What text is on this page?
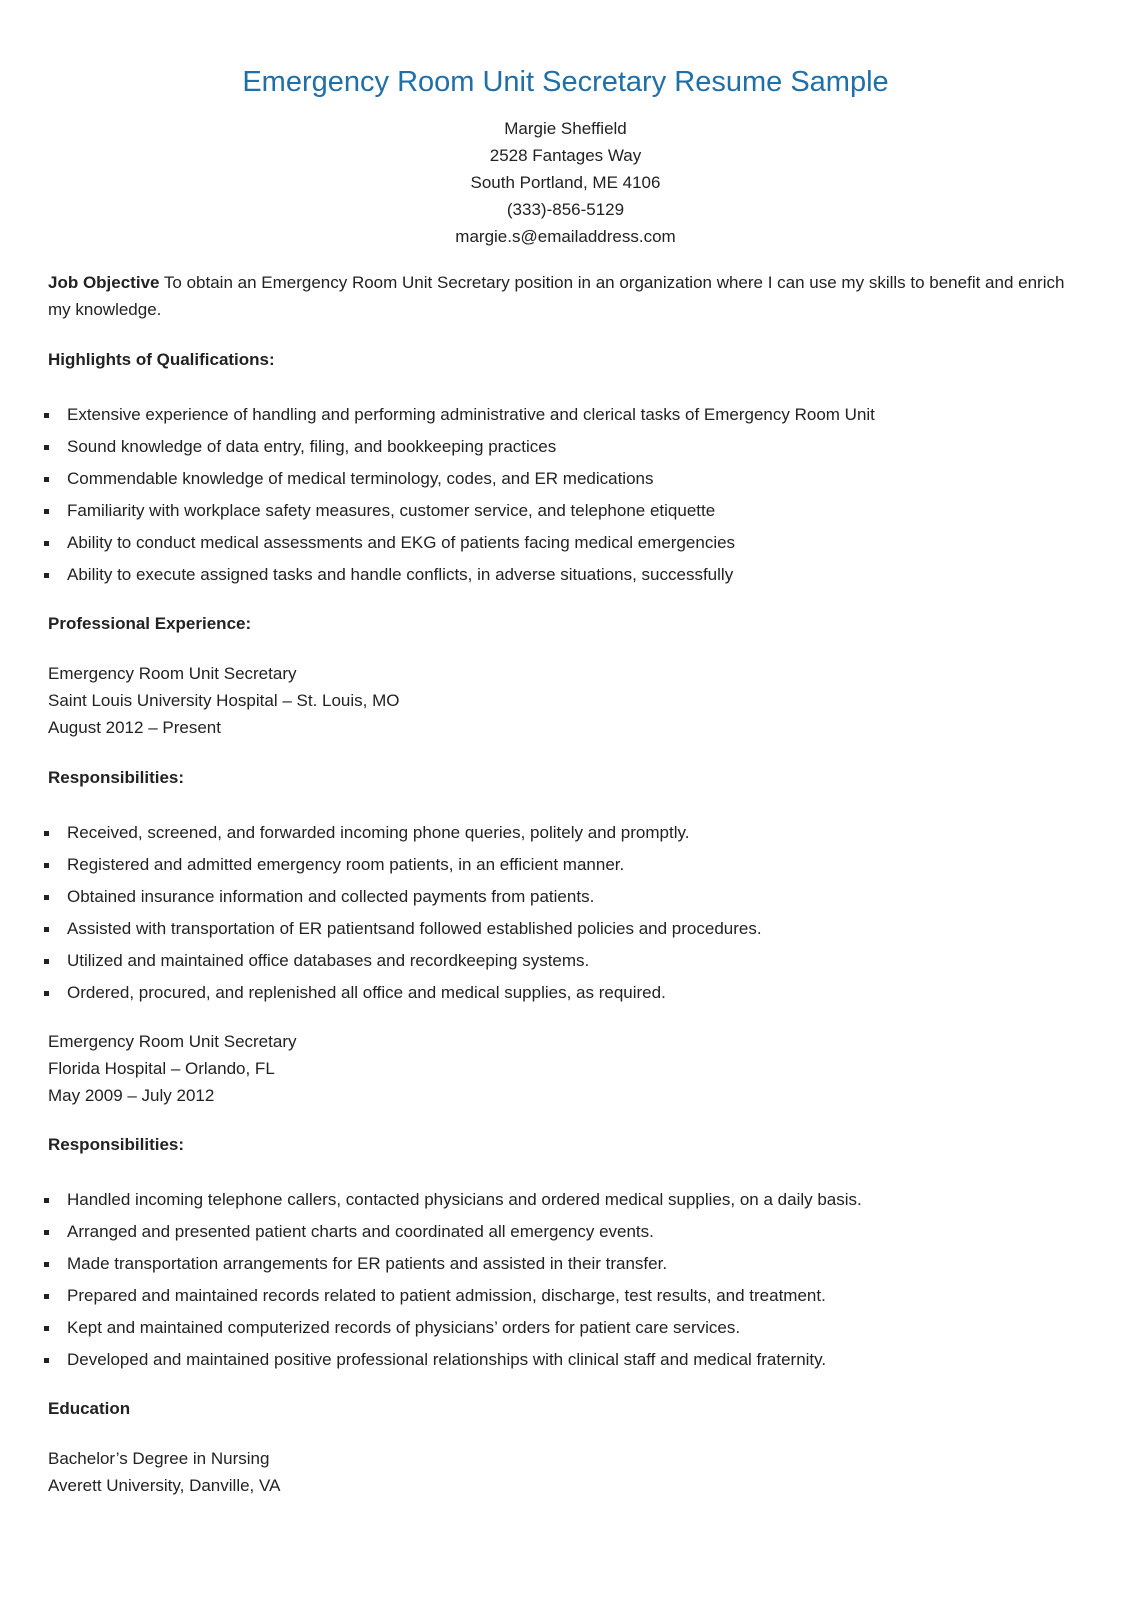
Emergency Room Unit Secretary Resume Sample
Margie Sheffield
2528 Fantages Way
South Portland, ME 4106
(333)-856-5129
margie.s@emailaddress.com
Job Objective To obtain an Emergency Room Unit Secretary position in an organization where I can use my skills to benefit and enrich my knowledge.
Highlights of Qualifications:
Extensive experience of handling and performing administrative and clerical tasks of Emergency Room Unit
Sound knowledge of data entry, filing, and bookkeeping practices
Commendable knowledge of medical terminology, codes, and ER medications
Familiarity with workplace safety measures, customer service, and telephone etiquette
Ability to conduct medical assessments and EKG of patients facing medical emergencies
Ability to execute assigned tasks and handle conflicts, in adverse situations, successfully
Professional Experience:
Emergency Room Unit Secretary
Saint Louis University Hospital – St. Louis, MO
August 2012 – Present
Responsibilities:
Received, screened, and forwarded incoming phone queries, politely and promptly.
Registered and admitted emergency room patients, in an efficient manner.
Obtained insurance information and collected payments from patients.
Assisted with transportation of ER patientsand followed established policies and procedures.
Utilized and maintained office databases and recordkeeping systems.
Ordered, procured, and replenished all office and medical supplies, as required.
Emergency Room Unit Secretary
Florida Hospital – Orlando, FL
May 2009 – July 2012
Responsibilities:
Handled incoming telephone callers, contacted physicians and ordered medical supplies, on a daily basis.
Arranged and presented patient charts and coordinated all emergency events.
Made transportation arrangements for ER patients and assisted in their transfer.
Prepared and maintained records related to patient admission, discharge, test results, and treatment.
Kept and maintained computerized records of physicians’ orders for patient care services.
Developed and maintained positive professional relationships with clinical staff and medical fraternity.
Education
Bachelor’s Degree in Nursing
Averett University, Danville, VA
